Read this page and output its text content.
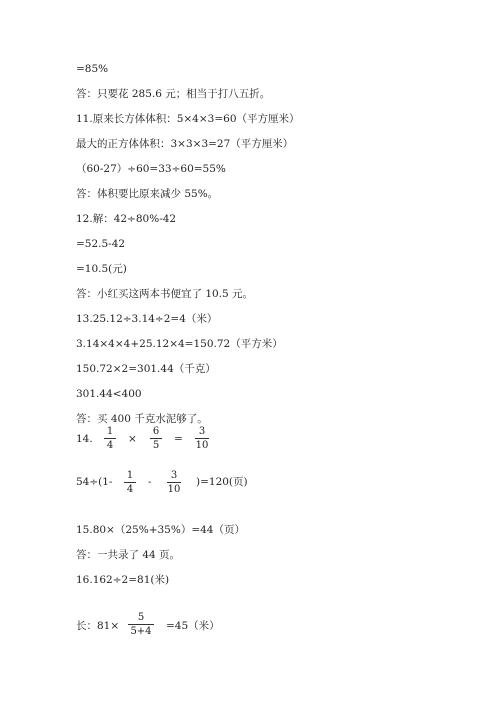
=85%
答：只要花 285.6 元；相当于打八五折。
11.原来长方体体积：5×4×3=60（平方厘米）
最大的正方体体积：3×3×3=27（平方厘米）
（60-27）÷60=33÷60=55%
答：体积要比原来减少 55%。
12.解：42÷80%-42
=52.5-42
=10.5(元)
答：小红买这两本书便宜了 10.5 元。
13.25.12÷3.14÷2=4（米）
3.14×4×4+25.12×4=150.72（平方米）
150.72×2=301.44（千克）
301.44<400
答：买 400 千克水泥够了。
14.
1
4
×
6
5
=
3
10
54÷(1-
1
4
-
3
10
)=120(页)
15.80×（25%+35%）=44（页）
答：一共录了 44 页。
16.162÷2=81(米)
长：81×
5
5+4 =45（米）
